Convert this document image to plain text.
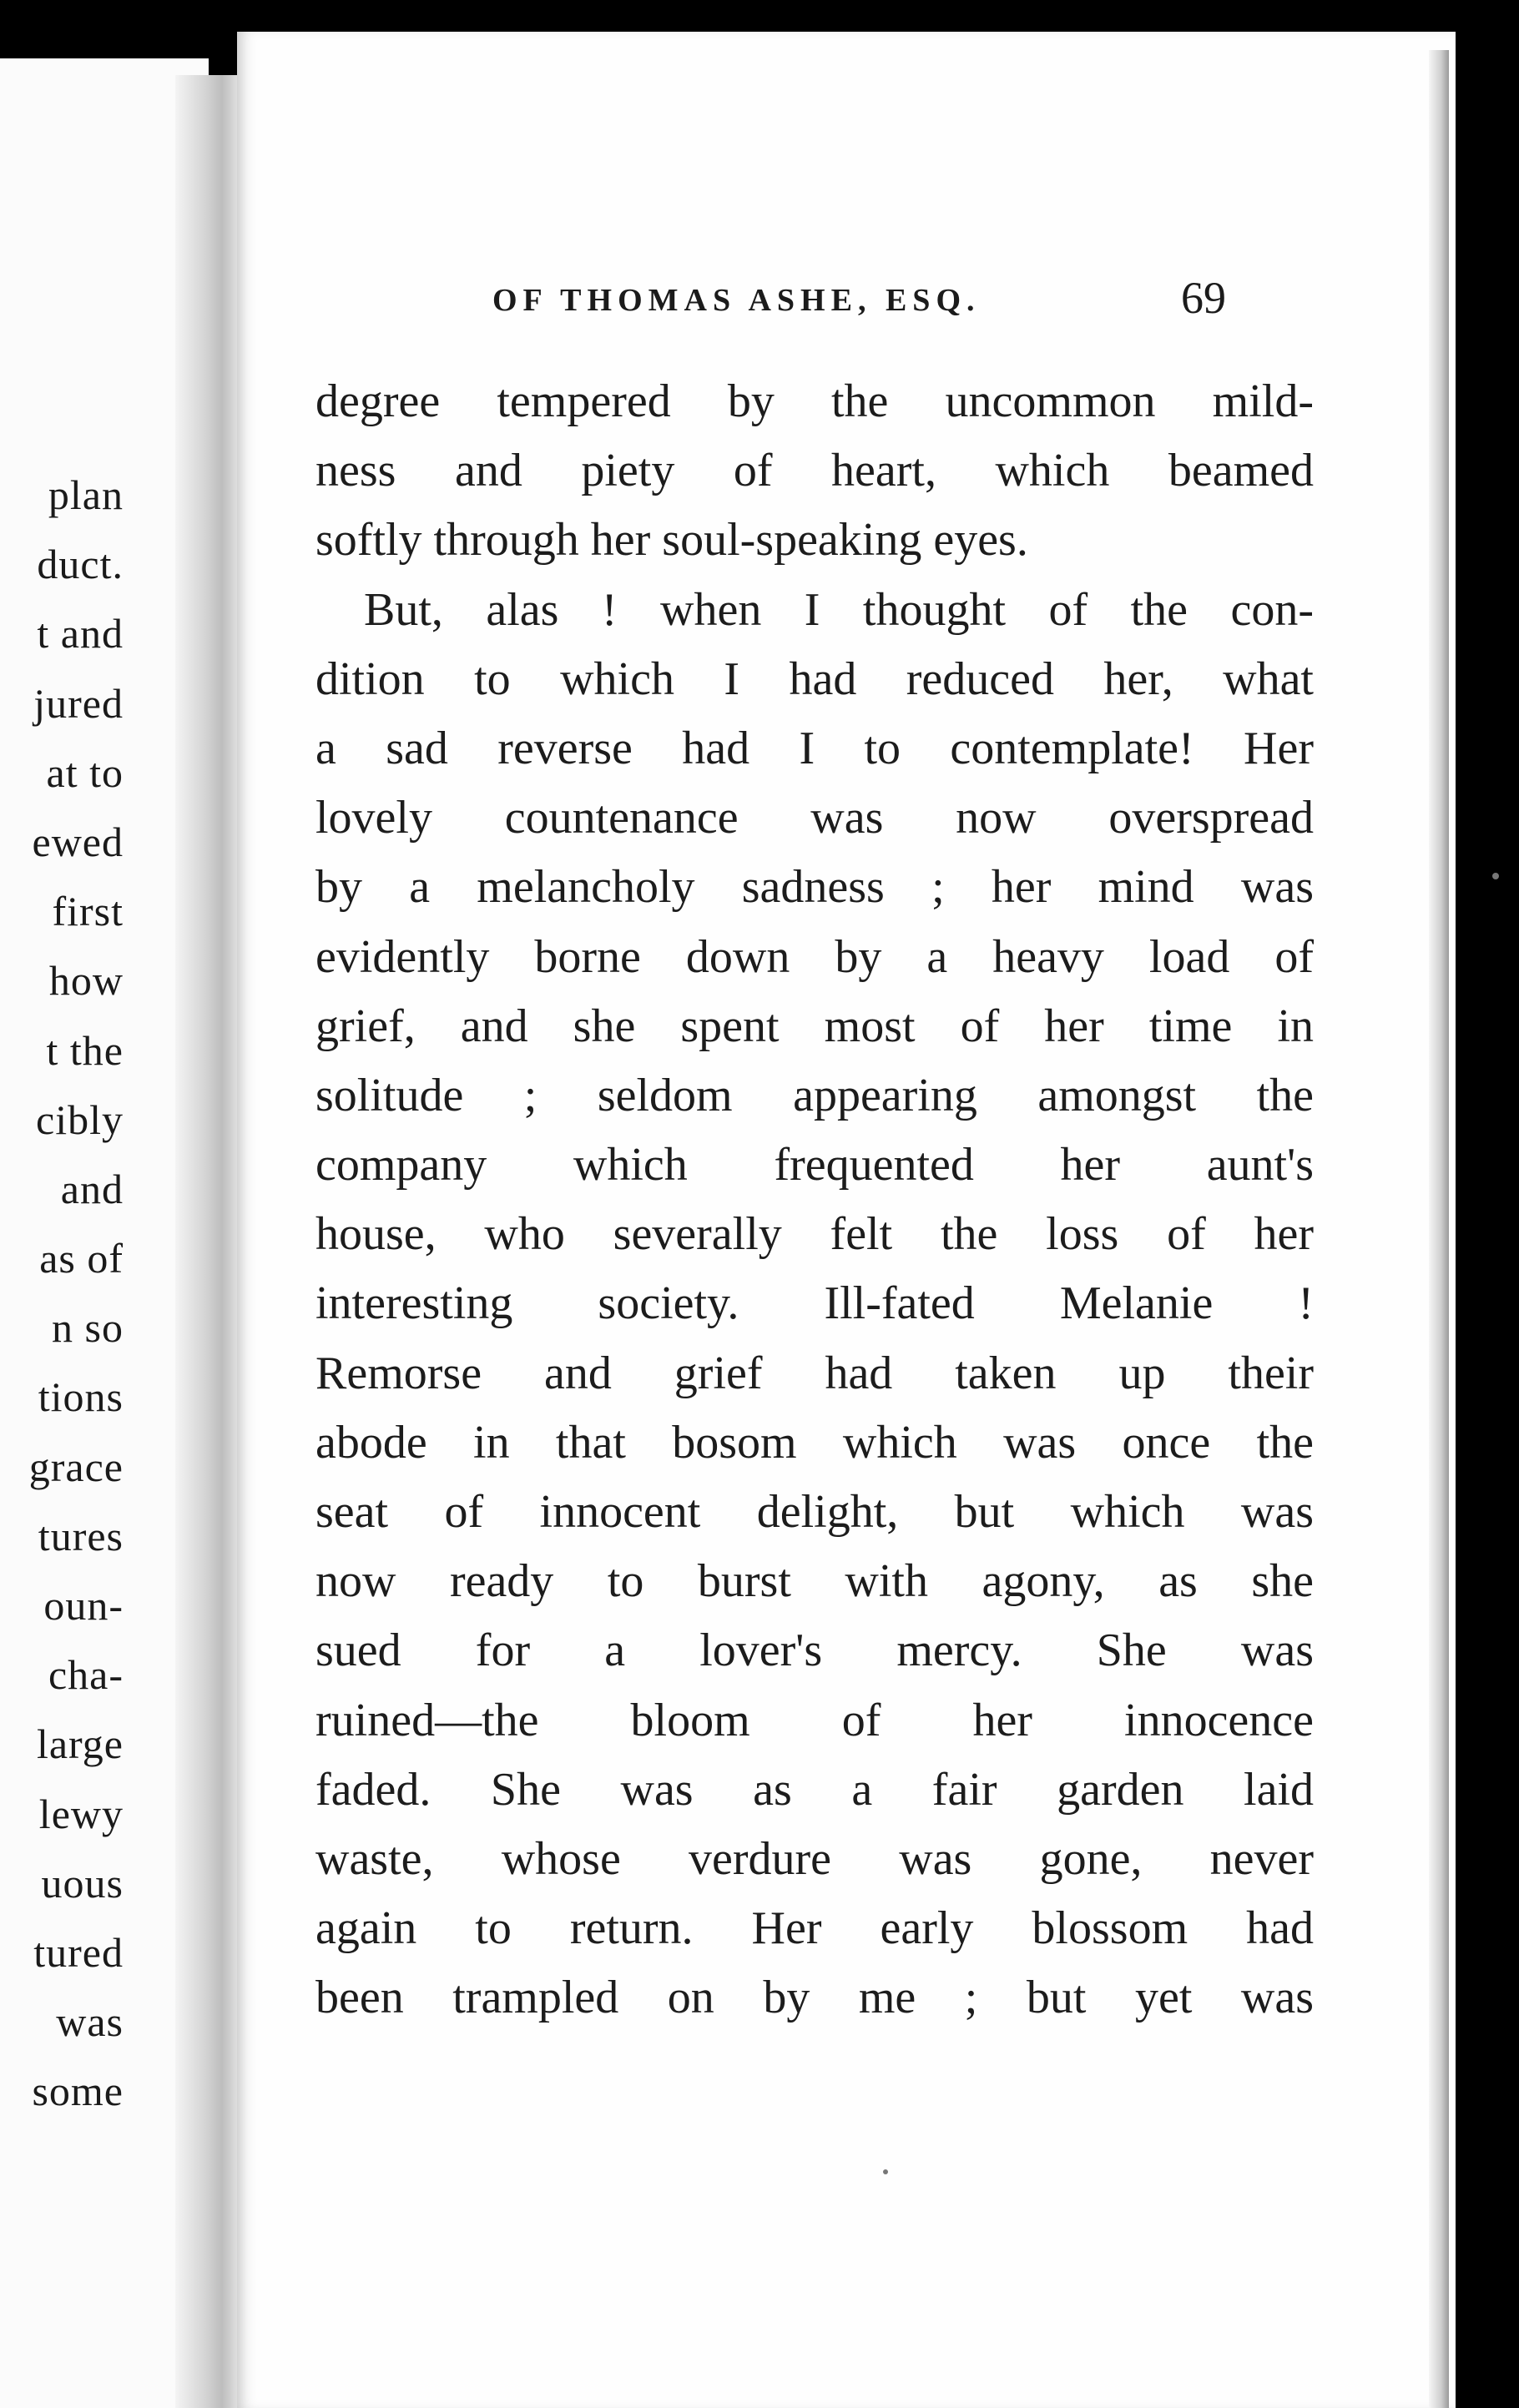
plan
duct.
t and
jured
at to
ewed
first
how
t the
cibly
and
as of
n so
tions
grace
tures
oun-
cha-
large
lewy
uous
tured
was
some
OF THOMAS ASHE, ESQ.	69
degree tempered by the uncommon mild-
ness and piety of heart, which beamed
softly through her soul-speaking eyes.
But, alas ! when I thought of the con-
dition to which I had reduced her, what
a sad reverse had I to contemplate! Her
lovely countenance was now overspread
by a melancholy sadness ; her mind was
evidently borne down by a heavy load of
grief, and she spent most of her time in
solitude ; seldom appearing amongst the
company which frequented her aunt's
house, who severally felt the loss of her
interesting society. Ill-fated Melanie !
Remorse and grief had taken up their
abode in that bosom which was once the
seat of innocent delight, but which was
now ready to burst with agony, as she
sued for a lover's mercy. She was
ruined—the bloom of her innocence
faded. She was as a fair garden laid
waste, whose verdure was gone, never
again to return. Her early blossom had
been trampled on by me ; but yet was
